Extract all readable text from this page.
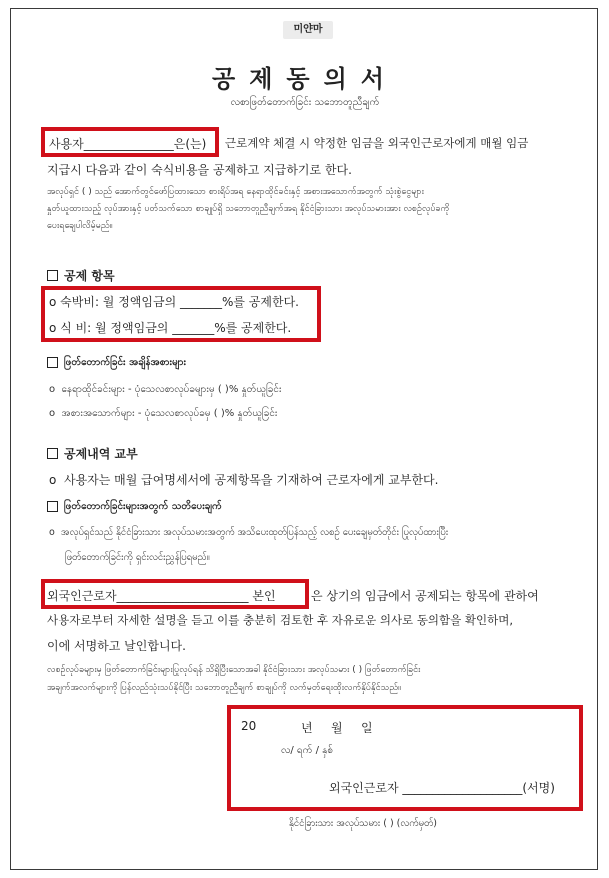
미얀마
공제동의서
လစာဖြတ်တောက်ခြင်း သဘောတူညီချက်
사용자_______________은(는) 근로계약 체결 시 약정한 임금을 외국인근로자에게 매월 임금
지급시 다음과 같이 숙식비용을 공제하고 지급하기로 한다.
အလုပ်ရှင် ( ) သည် အောက်တွင်ဖော်ပြထားသော စားရိပ်အရ နေရာထိုင်ခင်းနှင့် အစားအသောက်အတွက် သုံးစွဲငွေများ
နှုတ်ယူထားသည့် လုပ်အားနှင့် ပတ်သက်သော စာချုပ်ရှိ သဘောတူညီချက်အရ နိုင်ငံခြားသား အလုပ်သမားအား လစဉ်လုပ်ခကို
ပေးရချေပါလိမ့်မည်။
공제 항목
o 숙박비: 월 정액임금의 _______%를 공제한다.
o 식 비: 월 정액임금의 _______%를 공제한다.
ဖြတ်တောက်ခြင်း အချိန်အစားများ
o   နေရာထိုင်ခင်းများ - ပုံသေလစာလုပ်ခများမှ ( )% နှုတ်ယူခြင်း
o   အစားအသောက်များ - ပုံသေလစာလုပ်ခမှ ( )% နှုတ်ယူခြင်း
공제내역 교부
o   사용자는 매월 급여명세서에 공제항목을 기재하여 근로자에게 교부한다.
ဖြတ်တောက်ခြင်းများအတွက် သတိပေးချက်
o   အလုပ်ရှင်သည် နိုင်ငံခြားသား အလုပ်သမားအတွက် အသိပေးထုတ်ပြန်သည့် လစဉ် ပေးချေမှတ်တိုင်း ပြုလုပ်ထားပြီး
ဖြတ်တောက်ခြင်းကို ရှင်းလင်းညွှန်ပြရမည်။
외국인근로자______________________ 본인	은 상기의 임금에서 공제되는 항목에 관하여
사용자로부터 자세한 설명을 듣고 이를 충분히 검토한 후 자유로운 의사로 동의함을 확인하며,
이에 서명하고 날인합니다.
လစဉ်လုပ်ခများမှ ဖြတ်တောက်ခြင်းများပြုလုပ်ရန် သိရှိပြီးသောအခါ နိုင်ငံခြားသား အလုပ်သမား ( ) ဖြတ်တောက်ခြင်း
အချက်အလက်များကို ပြန်လည်သုံးသပ်နိုင်ပြီး သဘောတူညီချက် စာချုပ်ကို လက်မှတ်ရေးထိုးလက်နှိပ်နိုင်သည်။
20	년 월 일
လ/ ရက် / နှစ်
외국인근로자 ____________________(서명)
နိုင်ငံခြားသား အလုပ်သမား ( ) (လက်မှတ်)
